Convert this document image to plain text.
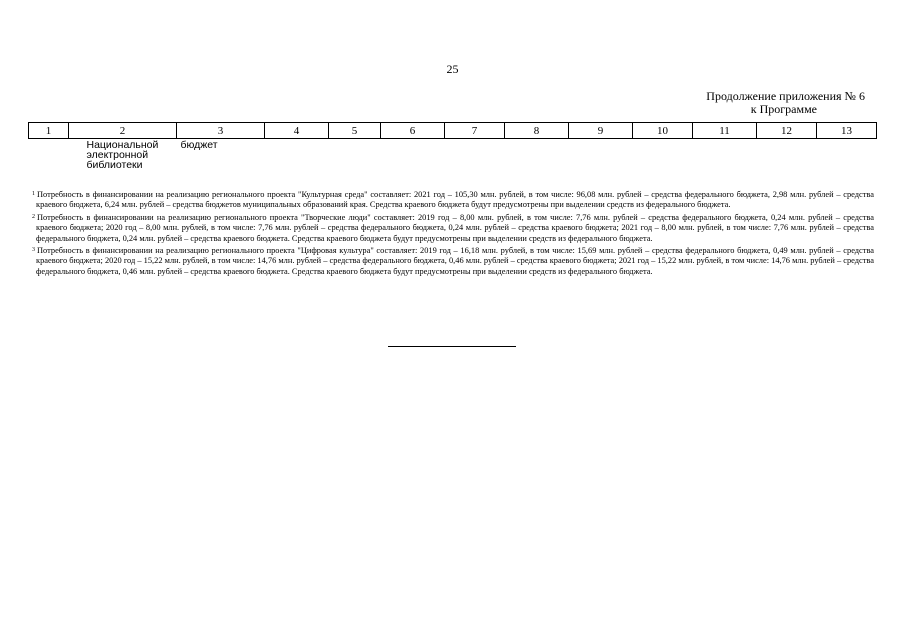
25
Продолжение приложения № 6
к Программе
1	2	3	4	5	6	7	8	9	10	11	12	13

	Национальной
электронной
библиотеки	бюджет										

$^1$ Потребность в финансировании на реализацию регионального проекта "Культурная среда" составляет: 2021 год – 105,30 млн. рублей, в том числе: 96,08 млн. рублей – средства федерального бюджета, 2,98 млн. рублей – средства краевого бюджета, 6,24 млн. рублей – средства бюджетов муниципальных образований края. Средства краевого бюджета будут предусмотрены при выделении средств из федерального бюджета.

$^2$ Потребность в финансировании на реализацию регионального проекта "Творческие люди" составляет: 2019 год – 8,00 млн. рублей, в том числе: 7,76 млн. рублей – средства федерального бюджета, 0,24 млн. рублей – средства краевого бюджета; 2020 год – 8,00 млн. рублей, в том числе: 7,76 млн. рублей – средства федерального бюджета, 0,24 млн. рублей – средства краевого бюджета; 2021 год – 8,00 млн. рублей, в том числе: 7,76 млн. рублей – средства федерального бюджета, 0,24 млн. рублей – средства краевого бюджета. Средства краевого бюджета будут предусмотрены при выделении средств из федерального бюджета.

$^3$ Потребность в финансировании на реализацию регионального проекта "Цифровая культура" составляет: 2019 год – 16,18 млн. рублей, в том числе: 15,69 млн. рублей – средства федерального бюджета, 0,49 млн. рублей – средства краевого бюджета; 2020 год – 15,22 млн. рублей, в том числе: 14,76 млн. рублей – средства федерального бюджета, 0,46 млн. рублей – средства краевого бюджета; 2021 год – 15,22 млн. рублей, в том числе: 14,76 млн. рублей – средства федерального бюджета, 0,46 млн. рублей – средства краевого бюджета. Средства краевого бюджета будут предусмотрены при выделении средств из федерального бюджета.
